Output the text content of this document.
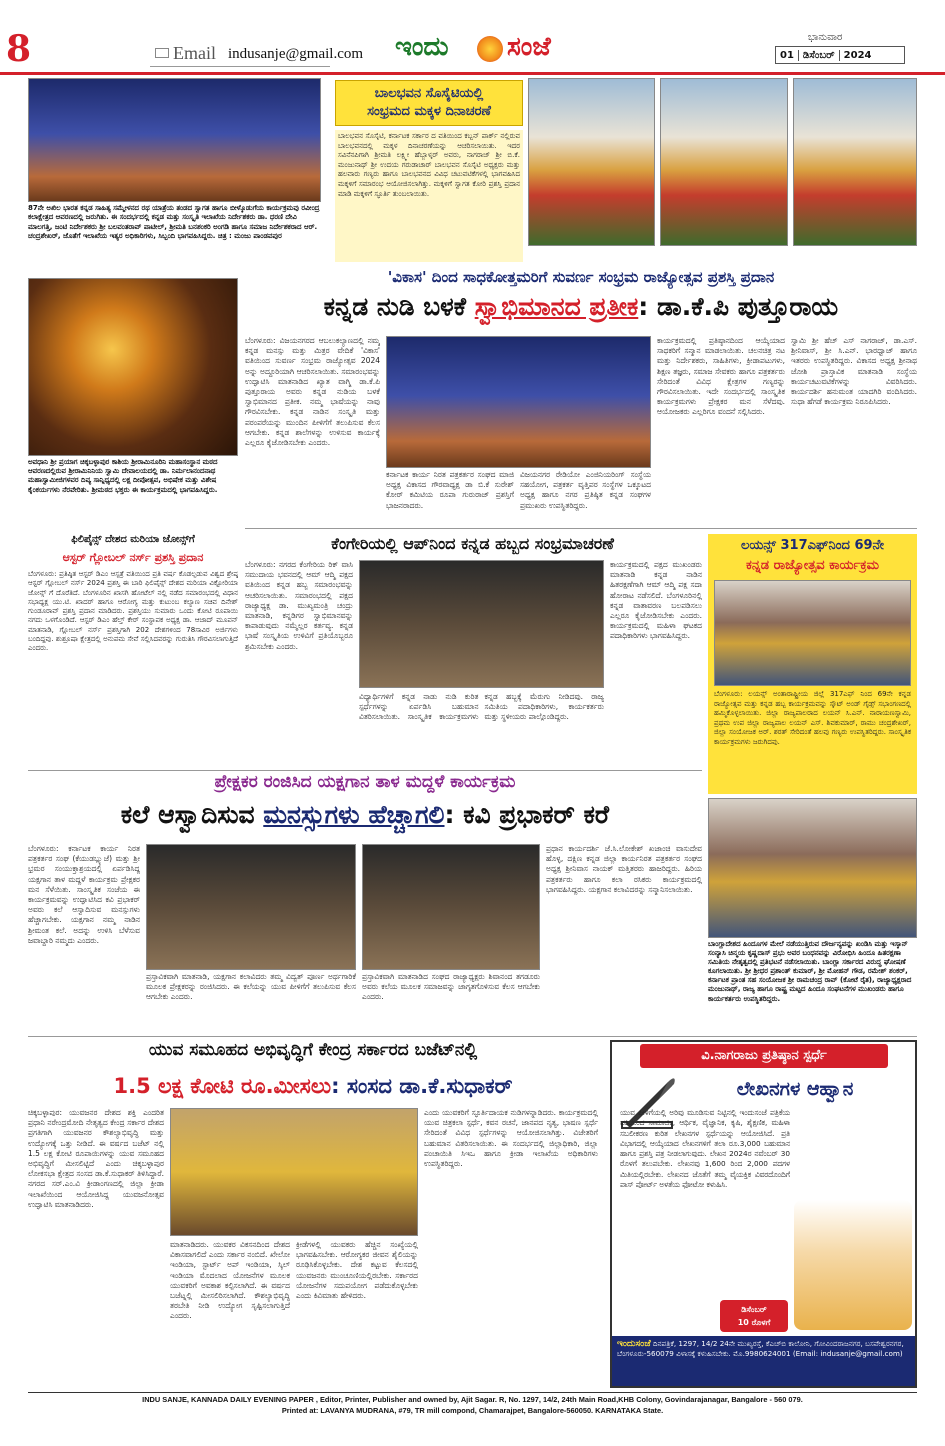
8	Email indusanje@gmail.com ಇಂದು ಸಂಜೆ	ಭಾನುವಾರ
01 ಡಿಸೆಂಬರ್ 2024
87ನೇ ಅಖಿಲ ಭಾರತ ಕನ್ನಡ ಸಾಹಿತ್ಯ ಸಮ್ಮೇಳನದ ರಥ ಯಾತ್ರೆಯ ತಂಡದ ಸ್ವಾಗತ ಹಾಗೂ ಬೀಳ್ಕೊಡುಗೆಯ ಕಾರ್ಯಕ್ರಮವು ರವೀಂದ್ರ ಕಲಾಕ್ಷೇತ್ರದ ಆವರಣದಲ್ಲಿ ಜರುಗಿತು. ಈ ಸಂದರ್ಭದಲ್ಲಿ ಕನ್ನಡ ಮತ್ತು ಸಂಸ್ಕೃತಿ ಇಲಾಖೆಯ ನಿರ್ದೇಶಕರು ಡಾ. ಧರಣಿ ದೇವಿ ಮಾಲಗತ್ತಿ, ಜಂಟಿ ನಿರ್ದೇಶಕರು ಶ್ರೀ ಬಲವಂತರಾವ್ ಪಾಟೀಲ್, ಶ್ರೀಮತಿ ಬನಶಂಕರಿ ಅಂಗಡಿ ಹಾಗೂ ಸಮಾಜ ನಿರ್ದೇಶಕರಾದ ಆರ್. ಚಂದ್ರಶೇಖರ್, ಜೊತೆಗೆ ಇಲಾಖೆಯ ಇತ್ಯರ ಅಧಿಕಾರಿಗಳು, ಸಿಬ್ಬಂದಿ ಭಾಗವಹಿಸಿದ್ದರು. ಚಿತ್ರ : ಮಂಜು ಪಾಂಡವಪುರ
ಬಾಲಭವನ ಸೊಸೈಟಿಯಲ್ಲಿ
ಸಂಭ್ರಮದ ಮಕ್ಕಳ ದಿನಾಚರಣೆ
ಬಾಲಭವನ ಸೊಸೈಟಿ, ಕರ್ನಾಟಕ ಸರ್ಕಾರ ದ ವತಿಯಿಂದ ಕಬ್ಬನ್ ಪಾರ್ಕ್ ನಲ್ಲಿರುವ ಬಾಲಭವನದಲ್ಲಿ ಮಕ್ಕಳ ದಿನಾಚರಣೆಯನ್ನು ಆಚರಿಸಲಾಯಿತು. ಇದರ ಸವಿನೆನಪಿಗಾಗಿ ಶ್ರೀಮತಿ ಲಕ್ಷ್ಮೀ ಹೆಬ್ಬಾಳ್ಕರ್ ಅವರು, ನಾಗರಾಜ್ ಶ್ರೀ ಬಿ.ಕೆ. ಮಂಜುನಾಥ್ ಶ್ರೀ ಉದಯ ಗರುಡಾಚಾರ್ ಬಾಲಭವನ ಸೊಸೈಟಿ ಅಧ್ಯಕ್ಷರು ಮತ್ತು ಹಲವಾರು ಗಣ್ಯರು ಹಾಗೂ ಬಾಲಭವನದ ವಿವಿಧ ಚಟುವಟಿಕೆಗಳಲ್ಲಿ ಭಾಗವಹಿಸಿದ ಮಕ್ಕಳಿಗೆ ಸಮಾರಂಭ ಆಯೋಜಿಸಲಾಗಿತ್ತು. ಮಕ್ಕಳಿಗೆ ಸ್ವಾಗತ ಕೋರಿ ಪ್ರಶಸ್ತಿ ಪ್ರದಾನ ಮಾಡಿ ಮಕ್ಕಳಿಗೆ ಸ್ಫೂರ್ತಿ ತುಂಬಲಾಯಿತು.
ಅವಧಾನಿ ಶ್ರೀ ಪ್ರಯಾಗ ಚಿಕ್ಕಬಳ್ಳಾಪುರ ಕಾಶಿಯ ಶ್ರೀರಾಮಿನೂರಿನಿ ಮಹಾಸಂಸ್ಥಾನ ಮಠದ ಆವರಣದಲ್ಲಿರುವ ಶ್ರೀರಾಮಿನಿನಿಯ ಸ್ವಾಮಿ ದೇವಾಲಯದಲ್ಲಿ ಡಾ. ನಿರ್ಮಲಾನಂದನಾಥ ಮಹಾಸ್ವಾಮೀಜಿಗಳವರ ದಿವ್ಯ ಸಾನ್ನಿಧ್ಯದಲ್ಲಿ ಲಕ್ಷ ದೀಪೋತ್ಸವ, ಅಭಿಷೇಕ ಮತ್ತು ವಿಶೇಷ ಕೈಂಕರ್ಯಗಳು ನೆರವೇರಿತು. ಶ್ರೀಮಠದ ಭಕ್ತರು ಈ ಕಾರ್ಯಕ್ರಮದಲ್ಲಿ ಭಾಗವಹಿಸಿದ್ದರು.
ಫಿಲಿಪೈನ್ಸ್ ದೇಶದ ಮರಿಯಾ ಜೋನ್ಸ್‌ಗೆ
ಆಸ್ಟರ್ ಗ್ಲೋಬಲ್ ನರ್ಸ್ ಪ್ರಶಸ್ತಿ ಪ್ರದಾನ
ಬೆಂಗಳೂರು: ಪ್ರತಿಷ್ಠಿತ ಆಸ್ಟರ್ ಡಿಎಂ ಆಸ್ಪತ್ರೆ ವತಿಯಿಂದ ಪ್ರತಿ ವರ್ಷ ಕೊಡಲ್ಪಡುವ ವಿಶ್ವದ ಶ್ರೇಷ್ಠ ಆಸ್ಟರ್ ಗ್ಲೋಬಲ್ ನರ್ಸ್ 2024 ಪ್ರಶಸ್ತಿ ಈ ಬಾರಿ ಫಿಲಿಪೈನ್ಸ್ ದೇಶದ ಮರಿಯಾ ವಿಕ್ಟೋರಿಯಾ ಜೋನ್ಸ್ ಗೆ ದೊರೆತಿದೆ. ಬೆಂಗಳೂರಿನ ಖಾಸಗಿ ಹೋಟೆಲ್ ನಲ್ಲಿ ನಡೆದ ಸಮಾರಂಭದಲ್ಲಿ ವಿಧಾನ ಸಭಾಧ್ಯಕ್ಷ ಯು.ಟಿ. ಖಾದರ್ ಹಾಗೂ ಆರೋಗ್ಯ ಮತ್ತು ಕುಟುಂಬ ಕಲ್ಯಾಣ ಸಚಿವ ದಿನೇಶ್ ಗುಂಡೂರಾವ್ ಪ್ರಶಸ್ತಿ ಪ್ರದಾನ ಮಾಡಿದರು. ಪ್ರಶಸ್ತಿಯು ಸುಮಾರು ಒಂದು ಕೋಟಿ ರೂಪಾಯಿ ನಗದು ಒಳಗೊಂಡಿದೆ. ಆಸ್ಟರ್ ಡಿಎಂ ಹೆಲ್ತ್ ಕೇರ್ ಸಂಸ್ಥಾಪಕ ಅಧ್ಯಕ್ಷ ಡಾ. ಆಜಾದ್ ಮೂಪನ್ ಮಾತನಾಡಿ, ಗ್ಲೋಬಲ್ ನರ್ಸ್ ಪ್ರಶಸ್ತಿಗಾಗಿ 202 ದೇಶಗಳಿಂದ 78ಸಾವಿರ ಅರ್ಜಿಗಳು ಬಂದಿದ್ದವು. ಶುಶ್ರೂಷಾ ಕ್ಷೇತ್ರದಲ್ಲಿ ಅನುಪಮ ಸೇವೆ ಸಲ್ಲಿಸಿದವರನ್ನು ಗುರುತಿಸಿ ಗೌರವಿಸಲಾಗುತ್ತಿದೆ ಎಂದರು.
'ವಿಕಾಸ' ದಿಂದ ಸಾಧಕೋತ್ತಮರಿಗೆ ಸುವರ್ಣ ಸಂಭ್ರಮ ರಾಜ್ಯೋತ್ಸವ ಪ್ರಶಸ್ತಿ ಪ್ರದಾನ
ಕನ್ನಡ ನುಡಿ ಬಳಕೆ ಸ್ವಾಭಿಮಾನದ ಪ್ರತೀಕ: ಡಾ.ಕೆ.ಪಿ ಪುತ್ತೂರಾಯ
ಬೆಂಗಳೂರು: ವಿಜಯನಗರದ ಆಬಲುಕಲ್ಯಾಣದಲ್ಲಿ ನಮ್ಮ ಕನ್ನಡ ಮನಸ್ಸು ಮತ್ತು ಮಿತ್ರರ ವೇದಿಕೆ 'ವಿಕಾಸ' ವತಿಯಿಂದ ಸುವರ್ಣ ಸಂಭ್ರಮ ರಾಜ್ಯೋತ್ಸವ 2024 ಅನ್ನು ಅದ್ದೂರಿಯಾಗಿ ಆಚರಿಸಲಾಯಿತು. ಸಮಾರಂಭವನ್ನು ಉದ್ಘಾಟಿಸಿ ಮಾತನಾಡಿದ ಖ್ಯಾತ ವಾಗ್ಮಿ ಡಾ.ಕೆ.ಪಿ ಪುತ್ತೂರಾಯ ಅವರು ಕನ್ನಡ ನುಡಿಯ ಬಳಕೆ ಸ್ವಾಭಿಮಾನದ ಪ್ರತೀಕ. ನಮ್ಮ ಭಾಷೆಯನ್ನು ನಾವು ಗೌರವಿಸಬೇಕು. ಕನ್ನಡ ನಾಡಿನ ಸಂಸ್ಕೃತಿ ಮತ್ತು ಪರಂಪರೆಯನ್ನು ಮುಂದಿನ ಪೀಳಿಗೆಗೆ ತಲುಪಿಸುವ ಕೆಲಸ ಆಗಬೇಕು. ಕನ್ನಡ ಶಾಲೆಗಳನ್ನು ಉಳಿಸುವ ಕಾರ್ಯಕ್ಕೆ ಎಲ್ಲರೂ ಕೈಜೋಡಿಸಬೇಕು ಎಂದರು.
ಕರ್ನಾಟಕ ಕಾರ್ಯ ನಿರತ ಪತ್ರಕರ್ತರ ಸಂಘದ ಮಾಜಿ ಅಧ್ಯಕ್ಷ ವಿಕಾಸದ ಗೌರವಾಧ್ಯಕ್ಷ ಡಾ ಬಿ.ಕೆ ಸುರೇಶ್ ಕೋರ್ ಕಮಿಟಿಯ ರೂಪಾ ಗುರುರಾಜ್ ಪ್ರಶಸ್ತಿಗೆ ಭಾಜನರಾದರು.
ವಿಜಯನಗರ ರೇಡಿಯೋ ಎಂಜಿನಿಯರಿಂಗ್ ಸಂಸ್ಥೆಯ ಸಹಯೋಗ, ಪತ್ರಕರ್ತ ವೃತ್ತಿಪರ ಸಂಸ್ಥೆಗಳ ಒಕ್ಕೂಟದ ಅಧ್ಯಕ್ಷ ಹಾಗೂ ನಗರ ಪ್ರತಿಷ್ಠಿತ ಕನ್ನಡ ಸಂಘಗಳ ಪ್ರಮುಖರು ಉಪಸ್ಥಿತರಿದ್ದರು.
ಕಾರ್ಯಕ್ರಮದಲ್ಲಿ ಪ್ರತಿಷ್ಠಾನದಿಂದ ಆಯ್ಕೆಯಾದ ಸಾಧಕರಿಗೆ ಸನ್ಮಾನ ಮಾಡಲಾಯಿತು. ಚಲನಚಿತ್ರ ನಟ ಮತ್ತು ನಿರ್ದೇಶಕರು, ಸಾಹಿತಿಗಳು, ಕ್ರೀಡಾಪಟುಗಳು, ಶಿಕ್ಷಣ ತಜ್ಞರು, ಸಮಾಜ ಸೇವಕರು ಹಾಗೂ ಪತ್ರಕರ್ತರು ಸೇರಿದಂತೆ ವಿವಿಧ ಕ್ಷೇತ್ರಗಳ ಗಣ್ಯರನ್ನು ಗೌರವಿಸಲಾಯಿತು. ಇದೇ ಸಂದರ್ಭದಲ್ಲಿ ಸಾಂಸ್ಕೃತಿಕ ಕಾರ್ಯಕ್ರಮಗಳು ಪ್ರೇಕ್ಷಕರ ಮನ ಸೆಳೆದವು. ಆಯೋಜಕರು ಎಲ್ಲರಿಗೂ ವಂದನೆ ಸಲ್ಲಿಸಿದರು.
ಸ್ವಾಮಿ ಶ್ರೀ ಹೆಚ್ ಎಸ್ ನಾಗರಾಜ್, ಡಾ.ಎಸ್. ಶ್ರೀನಿವಾಸ್, ಶ್ರೀ ಸಿ.ಎನ್. ಭಾರಧ್ವಾಜ್ ಹಾಗೂ ಇತರರು ಉಪಸ್ಥಿತರಿದ್ದರು. ವಿಕಾಸದ ಅಧ್ಯಕ್ಷ ಶ್ರೀನಾಥ ಜೋಶಿ ಪ್ರಾಸ್ತಾವಿಕ ಮಾತನಾಡಿ ಸಂಸ್ಥೆಯ ಕಾರ್ಯಚಟುವಟಿಕೆಗಳನ್ನು ವಿವರಿಸಿದರು. ಕಾರ್ಯದರ್ಶಿ ಹನುಮಂತ ಯಾದಗಿರಿ ವಂದಿಸಿದರು. ಸುಧಾ ಹೆಗಡೆ ಕಾರ್ಯಕ್ರಮ ನಿರೂಪಿಸಿದರು.
ಕೆಂಗೇರಿಯಲ್ಲಿ ಆಪ್‌ನಿಂದ ಕನ್ನಡ ಹಬ್ಬದ ಸಂಭ್ರಮಾಚರಣೆ
ಬೆಂಗಳೂರು: ನಗರದ ಕೆಂಗೇರಿಯ ರಿಕ್ ವಾಸಿ ಸಮುದಾಯ ಭವನದಲ್ಲಿ ಆಮ್ ಆದ್ಮಿ ಪಕ್ಷದ ವತಿಯಿಂದ ಕನ್ನಡ ಹಬ್ಬ ಸಮಾರಂಭವನ್ನು ಆಚರಿಸಲಾಯಿತು. ಸಮಾರಂಭದಲ್ಲಿ ಪಕ್ಷದ ರಾಜ್ಯಾಧ್ಯಕ್ಷ ಡಾ. ಮುಖ್ಯಮಂತ್ರಿ ಚಂದ್ರು ಮಾತನಾಡಿ, ಕನ್ನಡಿಗರ ಸ್ವಾಭಿಮಾನವನ್ನು ಕಾಪಾಡುವುದು ನಮ್ಮೆಲ್ಲರ ಕರ್ತವ್ಯ. ಕನ್ನಡ ಭಾಷೆ ಸಂಸ್ಕೃತಿಯ ಉಳಿವಿಗೆ ಪ್ರತಿಯೊಬ್ಬರೂ ಶ್ರಮಿಸಬೇಕು ಎಂದರು.
ವಿಧ್ಯಾರ್ಥಿಗಳಿಗೆ ಕನ್ನಡ ನಾಡು ನುಡಿ ಕುರಿತ ಸ್ಪರ್ಧೆಗಳನ್ನು ಏರ್ಪಡಿಸಿ ಬಹುಮಾನ ವಿತರಿಸಲಾಯಿತು. ಸಾಂಸ್ಕೃತಿಕ ಕಾರ್ಯಕ್ರಮಗಳು ಕನ್ನಡ ಹಬ್ಬಕ್ಕೆ ಮೆರುಗು ನೀಡಿದವು. ರಾಜ್ಯ ಸಮಿತಿಯ ಪದಾಧಿಕಾರಿಗಳು, ಕಾರ್ಯಕರ್ತರು ಮತ್ತು ಸ್ಥಳೀಯರು ಪಾಲ್ಗೊಂಡಿದ್ದರು.
ಕಾರ್ಯಕ್ರಮದಲ್ಲಿ ಪಕ್ಷದ ಮುಖಂಡರು ಮಾತನಾಡಿ ಕನ್ನಡ ನಾಡಿನ ಹಿತರಕ್ಷಣೆಗಾಗಿ ಆಮ್ ಆದ್ಮಿ ಪಕ್ಷ ಸದಾ ಹೋರಾಟ ನಡೆಸಲಿದೆ. ಬೆಂಗಳೂರಿನಲ್ಲಿ ಕನ್ನಡ ವಾತಾವರಣ ಬಲಪಡಿಸಲು ಎಲ್ಲರೂ ಕೈಜೋಡಿಸಬೇಕು ಎಂದರು. ಕಾರ್ಯಕ್ರಮದಲ್ಲಿ ಮಹಿಳಾ ಘಟಕದ ಪದಾಧಿಕಾರಿಗಳು ಭಾಗವಹಿಸಿದ್ದರು.
ಲಯನ್ಸ್ 317ಎಫ್‌ನಿಂದ 69ನೇ
ಕನ್ನಡ ರಾಜ್ಯೋತ್ಸವ ಕಾರ್ಯಕ್ರಮ
ಬೆಂಗಳೂರು: ಲಯನ್ಸ್ ಅಂತಾರಾಷ್ಟ್ರೀಯ ಜಿಲ್ಲೆ 317ಎಫ್ ನಿಂದ 69ನೇ ಕನ್ನಡ ರಾಜ್ಯೋತ್ಸವ ಮತ್ತು ಕನ್ನಡ ಹಬ್ಬ ಕಾರ್ಯಕ್ರಮವನ್ನು ಸ್ಕೌಟ್ ಅಂಡ್ ಗೈಡ್ಸ್ ಸಭಾಂಗಣದಲ್ಲಿ ಹಮ್ಮಿಕೊಳ್ಳಲಾಯಿತು. ಜಿಲ್ಲಾ ರಾಜ್ಯಪಾಲರಾದ ಲಯನ್ ಸಿ.ಎನ್. ನಾರಾಯಣಸ್ವಾಮಿ, ಪ್ರಥಮ ಉಪ ಜಿಲ್ಲಾ ರಾಜ್ಯಪಾಲ ಲಯನ್ ಎಸ್. ಶಿವಕುಮಾರ್, ರಾಮು ಚಂದ್ರಶೇಖರ್, ಜಿಲ್ಲಾ ಸಂಯೋಜಕ ಅರ್. ಶರತ್ ಸೇರಿದಂತೆ ಹಲವು ಗಣ್ಯರು ಉಪಸ್ಥಿತರಿದ್ದರು. ಸಾಂಸ್ಕೃತಿಕ ಕಾರ್ಯಕ್ರಮಗಳು ಜರುಗಿದವು.
ಬಾಂಗ್ಲಾದೇಶದ ಹಿಂದೂಗಳ ಮೇಲೆ ನಡೆಯುತ್ತಿರುವ ದೌರ್ಜನ್ಯವನ್ನು ಖಂಡಿಸಿ ಮತ್ತು ಇಸ್ಕಾನ್ ಸಂನ್ಯಾಸಿ ಚಿನ್ಮಯ ಕೃಷ್ಣದಾಸ್ ಪ್ರಭು ಅವರ ಬಂಧನವನ್ನು ವಿರೋಧಿಸಿ ಹಿಂದೂ ಹಿತರಕ್ಷಣಾ ಸಮಿತಿಯ ನೇತೃತ್ವದಲ್ಲಿ ಪ್ರತಿಭಟನೆ ನಡೆಸಲಾಯಿತು. ಬಾಂಗ್ಲಾ ಸರ್ಕಾರದ ವಿರುದ್ಧ ಘೋಷಣೆ ಕೂಗಲಾಯಿತು. ಶ್ರೀ ಶ್ರೀಧರ ಪ್ರಶಾಂತ್ ಕುಮಾರ್, ಶ್ರೀ ಮೋಹನ್ ಗೌಡ, ರಮೇಶ್ ಶಂಕರ್, ಕರ್ನಾಟಕ ಪ್ರಾಂತ ಸಹ ಸಂಯೋಜಕ ಶ್ರೀ ರಾಮಚಂದ್ರ ರಾವ್ (ಕೋಟೆ ರೈತ), ರಾಜ್ಯಾಧ್ಯಕ್ಷರಾದ ಮಂಜುನಾಥ್, ರಾಜ್ಯ ಹಾಗೂ ರಾಷ್ಟ್ರ ಮಟ್ಟದ ಹಿಂದೂ ಸಂಘಟನೆಗಳ ಮುಖಂಡರು ಹಾಗೂ ಕಾರ್ಯಕರ್ತರು ಉಪಸ್ಥಿತರಿದ್ದರು.
ಪ್ರೇಕ್ಷಕರ ರಂಜಿಸಿದ ಯಕ್ಷಗಾನ ತಾಳ ಮದ್ದಳೆ ಕಾರ್ಯಕ್ರಮ
ಕಲೆ ಆಸ್ವಾದಿಸುವ ಮನಸ್ಸುಗಳು ಹೆಚ್ಚಾಗಲಿ: ಕವಿ ಪ್ರಭಾಕರ್ ಕರೆ
ಬೆಂಗಳೂರು: ಕರ್ನಾಟಕ ಕಾರ್ಯ ನಿರತ ಪತ್ರಕರ್ತರ ಸಂಘ (ಕೆಯುಡಬ್ಲ್ಯುಜೆ) ಮತ್ತು ಶ್ರೀ ಭ್ರಮರ ಸಂಯುಕ್ತಾಶ್ರಯದಲ್ಲಿ ಏರ್ಪಡಿಸಿದ್ದ ಯಕ್ಷಗಾನ ತಾಳ ಮದ್ದಳೆ ಕಾರ್ಯಕ್ರಮ ಪ್ರೇಕ್ಷಕರ ಮನ ಸೆಳೆಯಿತು. ಸಾಂಸ್ಕೃತಿಕ ಸಂಜೆಯ ಈ ಕಾರ್ಯಕ್ರಮವನ್ನು ಉದ್ಘಾಟಿಸಿದ ಕವಿ ಪ್ರಭಾಕರ್ ಅವರು ಕಲೆ ಆಸ್ವಾದಿಸುವ ಮನಸ್ಸುಗಳು ಹೆಚ್ಚಾಗಬೇಕು. ಯಕ್ಷಗಾನ ನಮ್ಮ ನಾಡಿನ ಶ್ರೀಮಂತ ಕಲೆ. ಅದನ್ನು ಉಳಿಸಿ ಬೆಳೆಸುವ ಜವಾಬ್ದಾರಿ ನಮ್ಮದು ಎಂದರು.
ಪ್ರಸ್ತಾವಿಕವಾಗಿ ಮಾತನಾಡಿ, ಯಕ್ಷಗಾನ ಕಲಾವಿದರು ತಮ್ಮ ವಿದ್ವತ್ ಪೂರ್ಣ ಅರ್ಥಗಾರಿಕೆ ಮೂಲಕ ಪ್ರೇಕ್ಷಕರನ್ನು ರಂಜಿಸಿದರು. ಈ ಕಲೆಯನ್ನು ಯುವ ಪೀಳಿಗೆಗೆ ತಲುಪಿಸುವ ಕೆಲಸ ಆಗಬೇಕು ಎಂದರು.
ಪ್ರಸ್ತಾವಿಕವಾಗಿ ಮಾತನಾಡಿದ ಸಂಘದ ರಾಜ್ಯಾಧ್ಯಕ್ಷರು ಶಿವಾನಂದ ತಗಡೂರು ಅವರು ಕಲೆಯ ಮೂಲಕ ಸಮಾಜವನ್ನು ಜಾಗೃತಗೊಳಿಸುವ ಕೆಲಸ ಆಗಬೇಕು ಎಂದರು.
ಪ್ರಧಾನ ಕಾರ್ಯದರ್ಶಿ ಜೆ.ಸಿ.ಲೋಕೇಶ್ ಖಜಾಂಚಿ ವಾಸುದೇವ ಹೊಳ್ಳ, ದಕ್ಷಿಣ ಕನ್ನಡ ಜಿಲ್ಲಾ ಕಾರ್ಯನಿರತ ಪತ್ರಕರ್ತರ ಸಂಘದ ಅಧ್ಯಕ್ಷ ಶ್ರೀನಿವಾಸ ನಾಯಕ್ ಮತ್ತಿತರರು ಹಾಜರಿದ್ದರು. ಹಿರಿಯ ಪತ್ರಕರ್ತರು ಹಾಗೂ ಕಲಾ ರಸಿಕರು ಕಾರ್ಯಕ್ರಮದಲ್ಲಿ ಭಾಗವಹಿಸಿದ್ದರು. ಯಕ್ಷಗಾನ ಕಲಾವಿದರನ್ನು ಸನ್ಮಾನಿಸಲಾಯಿತು.
ಯುವ ಸಮೂಹದ ಅಭಿವೃದ್ಧಿಗೆ ಕೇಂದ್ರ ಸರ್ಕಾರದ ಬಜೆಟ್‌ನಲ್ಲಿ
1.5 ಲಕ್ಷ ಕೋಟಿ ರೂ.ಮೀಸಲು: ಸಂಸದ ಡಾ.ಕೆ.ಸುಧಾಕರ್
ಚಿಕ್ಕಬಳ್ಳಾಪುರ: ಯುವಜನರ ದೇಶದ ಶಕ್ತಿ ಎಂದರಿತ ಪ್ರಧಾನಿ ನರೇಂದ್ರಮೋದಿ ನೇತೃತ್ವದ ಕೇಂದ್ರ ಸರ್ಕಾರ ದೇಶದ ಪ್ರಗತಿಗಾಗಿ ಯುವಜನರ ಕೌಶಲ್ಯಾಭಿವೃದ್ಧಿ ಮತ್ತು ಉದ್ಯೋಗಕ್ಕೆ ಒತ್ತು ನೀಡಿದೆ. ಈ ವರ್ಷದ ಬಜೆಟ್ ನಲ್ಲಿ 1.5 ಲಕ್ಷ ಕೋಟಿ ರೂಪಾಯಿಗಳನ್ನು ಯುವ ಸಮೂಹದ ಅಭಿವೃದ್ಧಿಗೆ ಮೀಸಲಿಟ್ಟಿದೆ ಎಂದು ಚಿಕ್ಕಬಳ್ಳಾಪುರ ಲೋಕಸಭಾ ಕ್ಷೇತ್ರದ ಸಂಸದ ಡಾ.ಕೆ.ಸುಧಾಕರ್ ತಿಳಿಸಿದ್ದಾರೆ. ನಗರದ ಸರ್.ಎಂ.ವಿ ಕ್ರೀಡಾಂಗಣದಲ್ಲಿ ಜಿಲ್ಲಾ ಕ್ರೀಡಾ ಇಲಾಖೆಯಿಂದ ಆಯೋಜಿಸಿದ್ದ ಯುವಜನೋತ್ಸವ ಉದ್ಘಾಟಿಸಿ ಮಾತನಾಡಿದರು.
ಮಾತನಾಡಿದರು. ಯುವಕರ ವಿಕಸನದಿಂದ ದೇಶದ ವಿಕಾಸವಾಗಲಿದೆ ಎಂದು ಸರ್ಕಾರ ನಂಬಿದೆ. ಖೇಲೋ ಇಂಡಿಯಾ, ಸ್ಟಾರ್ಟ್ ಅಪ್ ಇಂಡಿಯಾ, ಸ್ಕಿಲ್ ಇಂಡಿಯಾ ಮೊದಲಾದ ಯೋಜನೆಗಳ ಮೂಲಕ ಯುವಕರಿಗೆ ಅವಕಾಶ ಕಲ್ಪಿಸಲಾಗಿದೆ. ಈ ವರ್ಷದ ಬಜೆಟ್ನಲ್ಲಿ ಮೀಸಲಿರಿಸಲಾಗಿದೆ. ಕೌಶಲ್ಯಾಭಿವೃದ್ಧಿ ತರಬೇತಿ ನೀಡಿ ಉದ್ಯೋಗ ಸೃಷ್ಟಿಸಲಾಗುತ್ತಿದೆ ಎಂದರು.
ಕ್ರೀಡೆಗಳಲ್ಲಿ ಯುವಕರು ಹೆಚ್ಚಿನ ಸಂಖ್ಯೆಯಲ್ಲಿ ಭಾಗವಹಿಸಬೇಕು. ಆರೋಗ್ಯಕರ ಜೀವನ ಶೈಲಿಯನ್ನು ರೂಢಿಸಿಕೊಳ್ಳಬೇಕು. ದೇಶ ಕಟ್ಟುವ ಕೆಲಸದಲ್ಲಿ ಯುವಜನರು ಮುಂಚೂಣಿಯಲ್ಲಿರಬೇಕು. ಸರ್ಕಾರದ ಯೋಜನೆಗಳ ಸದುಪಯೋಗ ಪಡೆದುಕೊಳ್ಳಬೇಕು ಎಂದು ಕಿವಿಮಾತು ಹೇಳಿದರು.
ಎಂದು ಯುವಕರಿಗೆ ಸ್ಫೂರ್ತಿದಾಯಕ ನುಡಿಗಳನ್ನಾಡಿದರು. ಕಾರ್ಯಕ್ರಮದಲ್ಲಿ ಯುವ ಚಿತ್ರಕಲಾ ಸ್ಪರ್ಧೆ, ಕವನ ರಚನೆ, ಜಾನಪದ ನೃತ್ಯ, ಭಾಷಣ ಸ್ಪರ್ಧೆ ಸೇರಿದಂತೆ ವಿವಿಧ ಸ್ಪರ್ಧೆಗಳನ್ನು ಆಯೋಜಿಸಲಾಗಿತ್ತು. ವಿಜೇತರಿಗೆ ಬಹುಮಾನ ವಿತರಿಸಲಾಯಿತು. ಈ ಸಂದರ್ಭದಲ್ಲಿ ಜಿಲ್ಲಾಧಿಕಾರಿ, ಜಿಲ್ಲಾ ಪಂಚಾಯಿತಿ ಸಿಇಒ ಹಾಗೂ ಕ್ರೀಡಾ ಇಲಾಖೆಯ ಅಧಿಕಾರಿಗಳು ಉಪಸ್ಥಿತರಿದ್ದರು.
ವಿ.ನಾಗರಾಜು ಪ್ರತಿಷ್ಠಾನ ಸ್ಪರ್ಧೆ
ಲೇಖನಗಳ ಆಹ್ವಾನ
ಯುವ ಪೀಳಿಗೆಯಲ್ಲಿ ಅರಿವು ಮೂಡಿಸುವ ನಿಟ್ಟಿನಲ್ಲಿ ಇಂದುಸಂಜೆ ಪತ್ರಿಕೆಯ ವತಿಯಿಂದ ಸಾಮಾಜಿಕ, ಆರ್ಥಿಕ, ವೈಜ್ಞಾನಿಕ, ಕೃಷಿ, ಶೈಕ್ಷಣಿಕ, ಮಹಿಳಾ ಸಬಲೀಕರಣ ಕುರಿತ ಲೇಖನಗಳ ಸ್ಪರ್ಧೆಯನ್ನು ಆಯೋಜಿಸಿದೆ. ಪ್ರತಿ ವಿಭಾಗದಲ್ಲಿ ಆಯ್ಕೆಯಾದ ಲೇಖನಗಳಿಗೆ ತಲಾ ರೂ.3,000 ಬಹುಮಾನ ಹಾಗೂ ಪ್ರಶಸ್ತಿ ಪತ್ರ ನೀಡಲಾಗುವುದು. ಲೇಖನ 2024ರ ನವೆಂಬರ್ 30 ರೊಳಗೆ ತಲುಪಬೇಕು. ಲೇಖನವು 1,600 ರಿಂದ 2,000 ಪದಗಳ ಮಿತಿಯಲ್ಲಿರಬೇಕು. ಲೇಖನದ ಜೊತೆಗೆ ತಮ್ಮ ವೈಯಕ್ತಿಕ ವಿವರದೊಂದಿಗೆ ಪಾಸ್ ಪೋರ್ಟ್ ಅಳತೆಯ ಫೋಟೋ ಕಳುಹಿಸಿ.
ಡಿಸೆಂಬರ್
10 ರೊಳಗೆ
ಇಂದುಸಂಜೆ ದಿನಪತ್ರಿಕೆ, 1297, 14/2 24ನೇ ಮುಖ್ಯರಸ್ತೆ, ಕೆಎಚ್‌ಬಿ ಕಾಲೋನಿ, ಗೋವಿಂದರಾಜನಗರ, ಬಸವೇಶ್ವರನಗರ, ಬೆಂಗಳೂರು-560079 ವಿಳಾಸಕ್ಕೆ ಕಳುಹಿಸಬೇಕು. ಮೊ.9980624001 (Email: indusanje@gmail.com)
INDU SANJE, KANNADA DAILY EVENING PAPER , Editor, Printer, Publisher and owned by, Ajit Sagar. R, No. 1297, 14/2, 24th Main Road,KHB Colony, Govindarajanagar, Bangalore - 560 079.
Printed at: LAVANYA MUDRANA, #79, TR mill compond, Chamarajpet, Bangalore-560050. KARNATAKA State.
